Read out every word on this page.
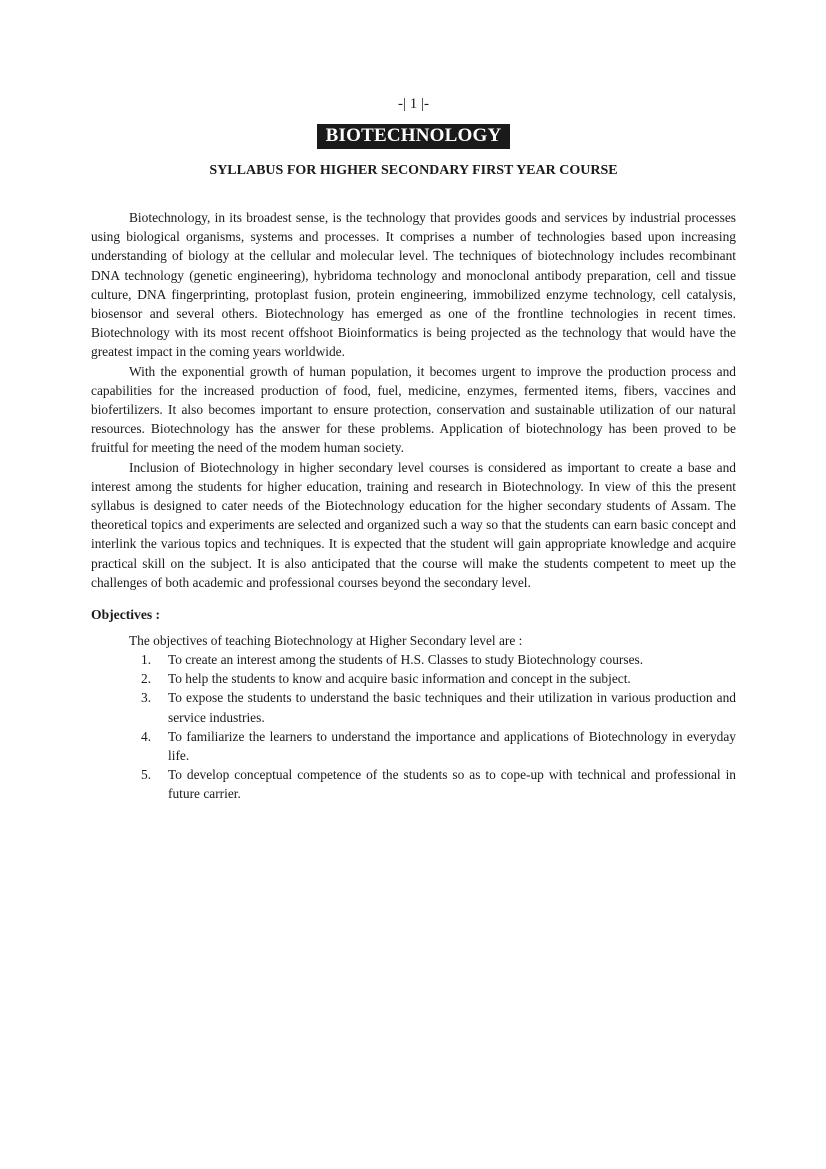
-| 1 |-
BIOTECHNOLOGY
SYLLABUS FOR HIGHER SECONDARY FIRST YEAR COURSE

Biotechnology, in its broadest sense, is the technology that provides goods and services by industrial processes using biological organisms, systems and processes. It comprises a number of technologies based upon increasing understanding of biology at the cellular and molecular level. The techniques of biotechnology includes recombinant DNA technology (genetic engineering), hybridoma technology and monoclonal antibody preparation, cell and tissue culture, DNA fingerprinting, protoplast fusion, protein engineering, immobilized enzyme technology, cell catalysis, biosensor and several others. Biotechnology has emerged as one of the frontline technologies in recent times. Biotechnology with its most recent offshoot Bioinformatics is being projected as the technology that would have the greatest impact in the coming years worldwide.

With the exponential growth of human population, it becomes urgent to improve the production process and capabilities for the increased production of food, fuel, medicine, enzymes, fermented items, fibers, vaccines and biofertilizers. It also becomes important to ensure protection, conservation and sustainable utilization of our natural resources. Biotechnology has the answer for these problems. Application of biotechnology has been proved to be fruitful for meeting the need of the modem human society.

Inclusion of Biotechnology in higher secondary level courses is considered as important to create a base and interest among the students for higher education, training and research in Biotechnology. In view of this the present syllabus is designed to cater needs of the Biotechnology education for the higher secondary students of Assam. The theoretical topics and experiments are selected and organized such a way so that the students can earn basic concept and interlink the various topics and techniques. It is expected that the student will gain appropriate knowledge and acquire practical skill on the subject. It is also anticipated that the course will make the students competent to meet up the challenges of both academic and professional courses beyond the secondary level.

Objectives :
The objectives of teaching Biotechnology at Higher Secondary level are :
1. To create an interest among the students of H.S. Classes to study Biotechnology courses.
2. To help the students to know and acquire basic information and concept in the subject.
3. To expose the students to understand the basic techniques and their utilization in various production and service industries.
4. To familiarize the learners to understand the importance and applications of Biotechnology in everyday life.
5. To develop conceptual competence of the students so as to cope-up with technical and professional in future carrier.
